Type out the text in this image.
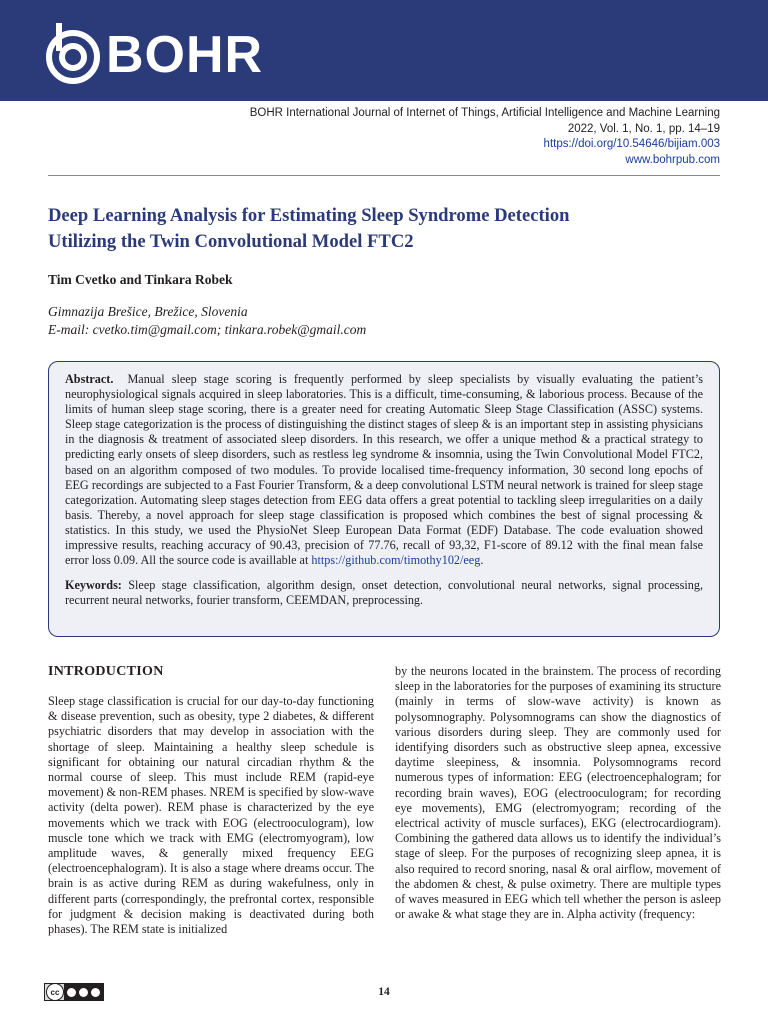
BOHR
BOHR International Journal of Internet of Things, Artificial Intelligence and Machine Learning
2022, Vol. 1, No. 1, pp. 14–19
https://doi.org/10.54646/bijiam.003
www.bohrpub.com
Deep Learning Analysis for Estimating Sleep Syndrome Detection
Utilizing the Twin Convolutional Model FTC2
Tim Cvetko and Tinkara Robek
Gimnazija Brešice, Brežice, Slovenia
E-mail: cvetko.tim@gmail.com; tinkara.robek@gmail.com

Abstract. Manual sleep stage scoring is frequently performed by sleep specialists by visually evaluating the patient’s neurophysiological signals acquired in sleep laboratories. This is a difficult, time-consuming, & laborious process. Because of the limits of human sleep stage scoring, there is a greater need for creating Automatic Sleep Stage Classification (ASSC) systems. Sleep stage categorization is the process of distinguishing the distinct stages of sleep & is an important step in assisting physicians in the diagnosis & treatment of associated sleep disorders. In this research, we offer a unique method & a practical strategy to predicting early onsets of sleep disorders, such as restless leg syndrome & insomnia, using the Twin Convolutional Model FTC2, based on an algorithm composed of two modules. To provide localised time-frequency information, 30 second long epochs of EEG recordings are subjected to a Fast Fourier Transform, & a deep convolutional LSTM neural network is trained for sleep stage categorization. Automating sleep stages detection from EEG data offers a great potential to tackling sleep irregularities on a daily basis. Thereby, a novel approach for sleep stage classification is proposed which combines the best of signal processing & statistics. In this study, we used the PhysioNet Sleep European Data Format (EDF) Database. The code evaluation showed impressive results, reaching accuracy of 90.43, precision of 77.76, recall of 93,32, F1-score of 89.12 with the final mean false error loss 0.09. All the source code is availlable at https://github.com/timothy102/eeg.

Keywords: Sleep stage classification, algorithm design, onset detection, convolutional neural networks, signal processing, recurrent neural networks, fourier transform, CEEMDAN, preprocessing.

INTRODUCTION

Sleep stage classification is crucial for our day-to-day functioning & disease prevention, such as obesity, type 2 diabetes, & different psychiatric disorders that may develop in association with the shortage of sleep. Maintaining a healthy sleep schedule is significant for obtaining our natural circadian rhythm & the normal course of sleep. This must include REM (rapid-eye movement) & non-REM phases. NREM is specified by slow-wave activity (delta power). REM phase is characterized by the eye movements which we track with EOG (electrooculogram), low muscle tone which we track with EMG (electromyogram), low amplitude waves, & generally mixed frequency EEG (electroencephalogram). It is also a stage where dreams occur. The brain is as active during REM as during wakefulness, only in different parts (correspondingly, the prefrontal cortex, responsible for judgment & decision making is deactivated during both phases). The REM state is initialized

by the neurons located in the brainstem. The process of recording sleep in the laboratories for the purposes of examining its structure (mainly in terms of slow-wave activity) is known as polysomnography. Polysomnograms can show the diagnostics of various disorders during sleep. They are commonly used for identifying disorders such as obstructive sleep apnea, excessive daytime sleepiness, & insomnia. Polysomnograms record numerous types of information: EEG (electroencephalogram; for recording brain waves), EOG (electrooculogram; for recording eye movements), EMG (electromyogram; recording of the electrical activity of muscle surfaces), EKG (electrocardiogram). Combining the gathered data allows us to identify the individual’s stage of sleep. For the purposes of recognizing sleep apnea, it is also required to record snoring, nasal & oral airflow, movement of the abdomen & chest, & pulse oximetry. There are multiple types of waves measured in EEG which tell whether the person is asleep or awake & what stage they are in. Alpha activity (frequency:

cc	14
